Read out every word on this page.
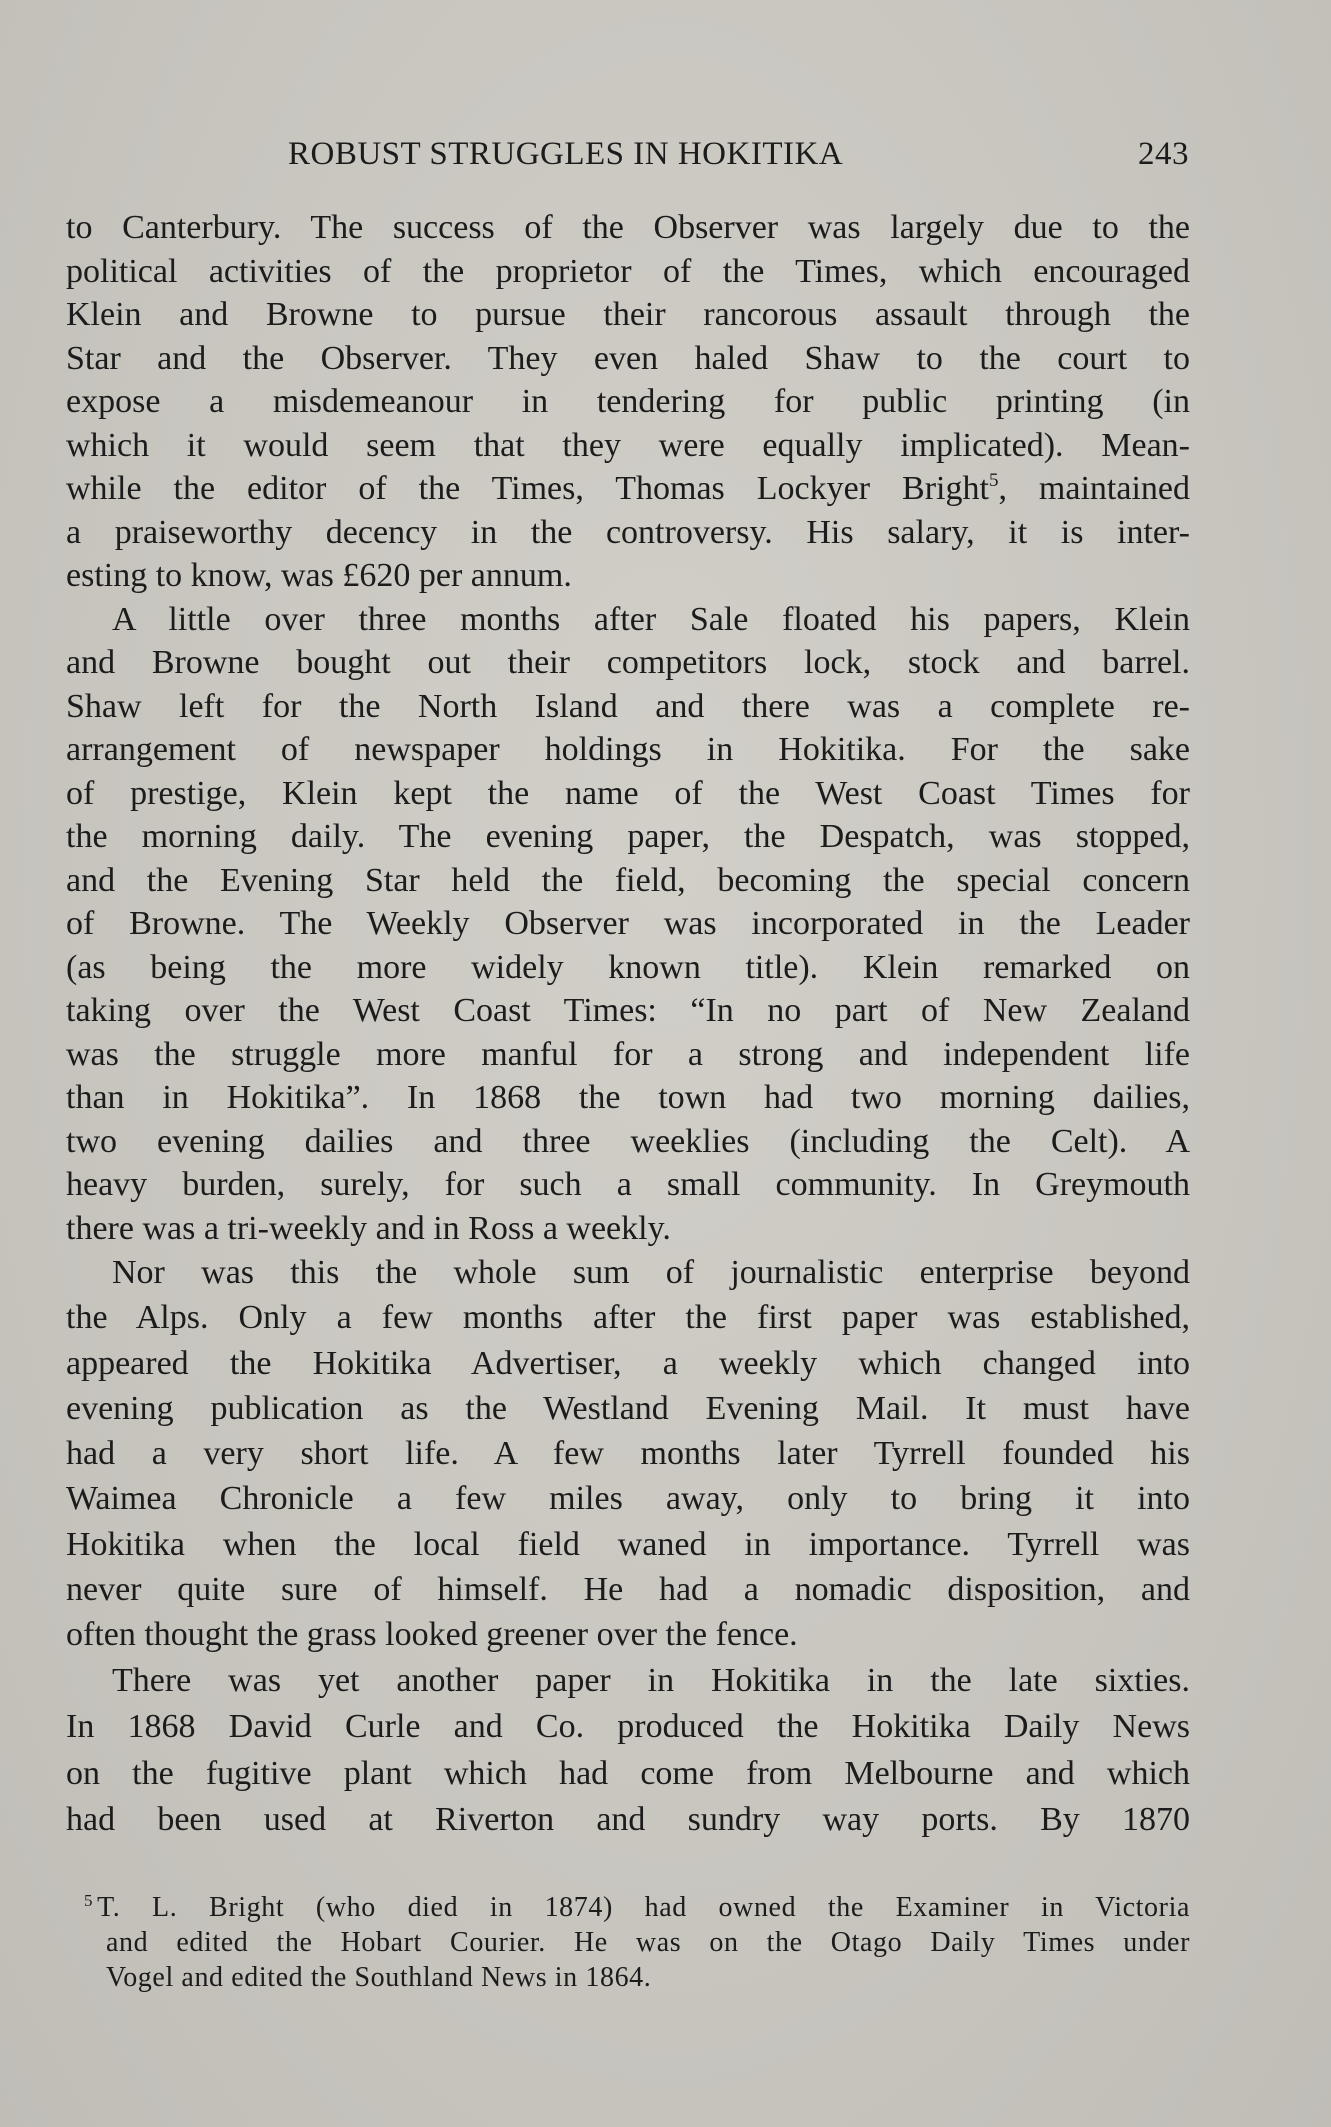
ROBUST STRUGGLES IN HOKITIKA	243
to Canterbury. The success of the Observer was largely due to the
political activities of the proprietor of the Times, which encouraged
Klein and Browne to pursue their rancorous assault through the
Star and the Observer. They even haled Shaw to the court to
expose a misdemeanour in tendering for public printing (in
which it would seem that they were equally implicated). Mean-
while the editor of the Times, Thomas Lockyer Bright$^5$, maintained
a praiseworthy decency in the controversy. His salary, it is inter-
esting to know, was £620 per annum.
A little over three months after Sale floated his papers, Klein
and Browne bought out their competitors lock, stock and barrel.
Shaw left for the North Island and there was a complete re-
arrangement of newspaper holdings in Hokitika. For the sake
of prestige, Klein kept the name of the West Coast Times for
the morning daily. The evening paper, the Despatch, was stopped,
and the Evening Star held the field, becoming the special concern
of Browne. The Weekly Observer was incorporated in the Leader
(as being the more widely known title). Klein remarked on
taking over the West Coast Times: “In no part of New Zealand
was the struggle more manful for a strong and independent life
than in Hokitika”. In 1868 the town had two morning dailies,
two evening dailies and three weeklies (including the Celt). A
heavy burden, surely, for such a small community. In Greymouth
there was a tri-weekly and in Ross a weekly.
Nor was this the whole sum of journalistic enterprise beyond
the Alps. Only a few months after the first paper was established,
appeared the Hokitika Advertiser, a weekly which changed into
evening publication as the Westland Evening Mail. It must have
had a very short life. A few months later Tyrrell founded his
Waimea Chronicle a few miles away, only to bring it into
Hokitika when the local field waned in importance. Tyrrell was
never quite sure of himself. He had a nomadic disposition, and
often thought the grass looked greener over the fence.
There was yet another paper in Hokitika in the late sixties.
In 1868 David Curle and Co. produced the Hokitika Daily News
on the fugitive plant which had come from Melbourne and which
had been used at Riverton and sundry way ports. By 1870
$^5$ T. L. Bright (who died in 1874) had owned the Examiner in Victoria
and edited the Hobart Courier. He was on the Otago Daily Times under
Vogel and edited the Southland News in 1864.
